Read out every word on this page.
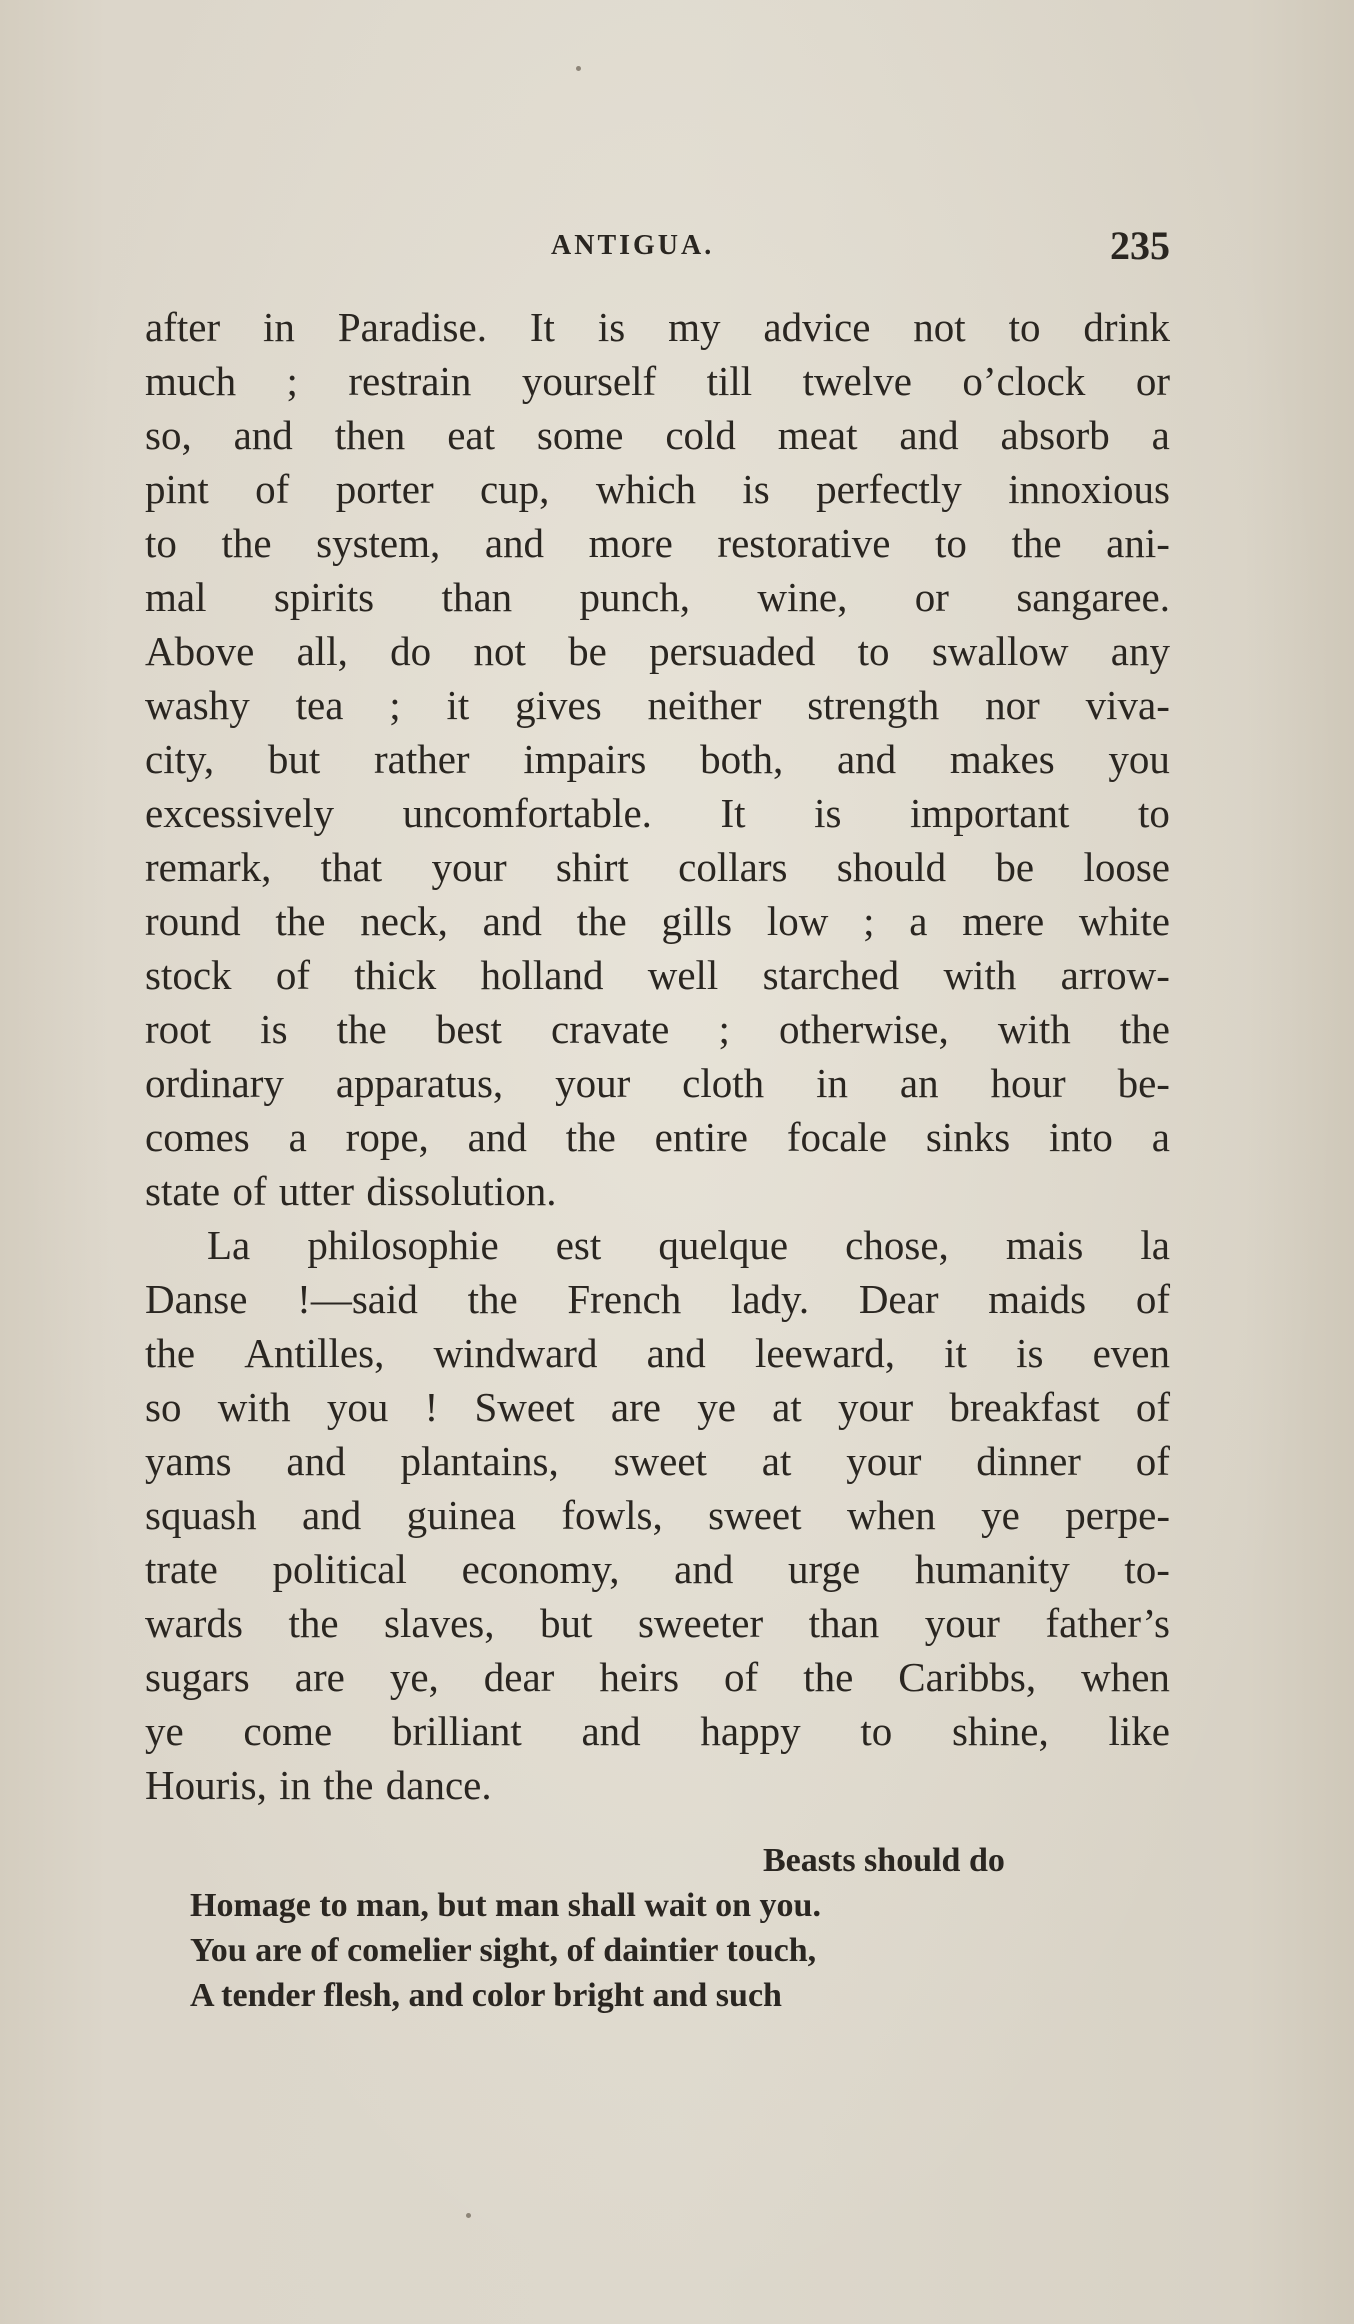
ANTIGUA.	235
after in Paradise. It is my advice not to drink
much ; restrain yourself till twelve o’clock or
so, and then eat some cold meat and absorb a
pint of porter cup, which is perfectly innoxious
to the system, and more restorative to the ani-
mal spirits than punch, wine, or sangaree.
Above all, do not be persuaded to swallow any
washy tea ; it gives neither strength nor viva-
city, but rather impairs both, and makes you
excessively uncomfortable. It is important to
remark, that your shirt collars should be loose
round the neck, and the gills low ; a mere white
stock of thick holland well starched with arrow-
root is the best cravate ; otherwise, with the
ordinary apparatus, your cloth in an hour be-
comes a rope, and the entire focale sinks into a
state of utter dissolution.
La philosophie est quelque chose, mais la
Danse !—said the French lady. Dear maids of
the Antilles, windward and leeward, it is even
so with you ! Sweet are ye at your breakfast of
yams and plantains, sweet at your dinner of
squash and guinea fowls, sweet when ye perpe-
trate political economy, and urge humanity to-
wards the slaves, but sweeter than your father’s
sugars are ye, dear heirs of the Caribbs, when
ye come brilliant and happy to shine, like
Houris, in the dance.
Beasts should do
Homage to man, but man shall wait on you.
You are of comelier sight, of daintier touch,
A tender flesh, and color bright and such
